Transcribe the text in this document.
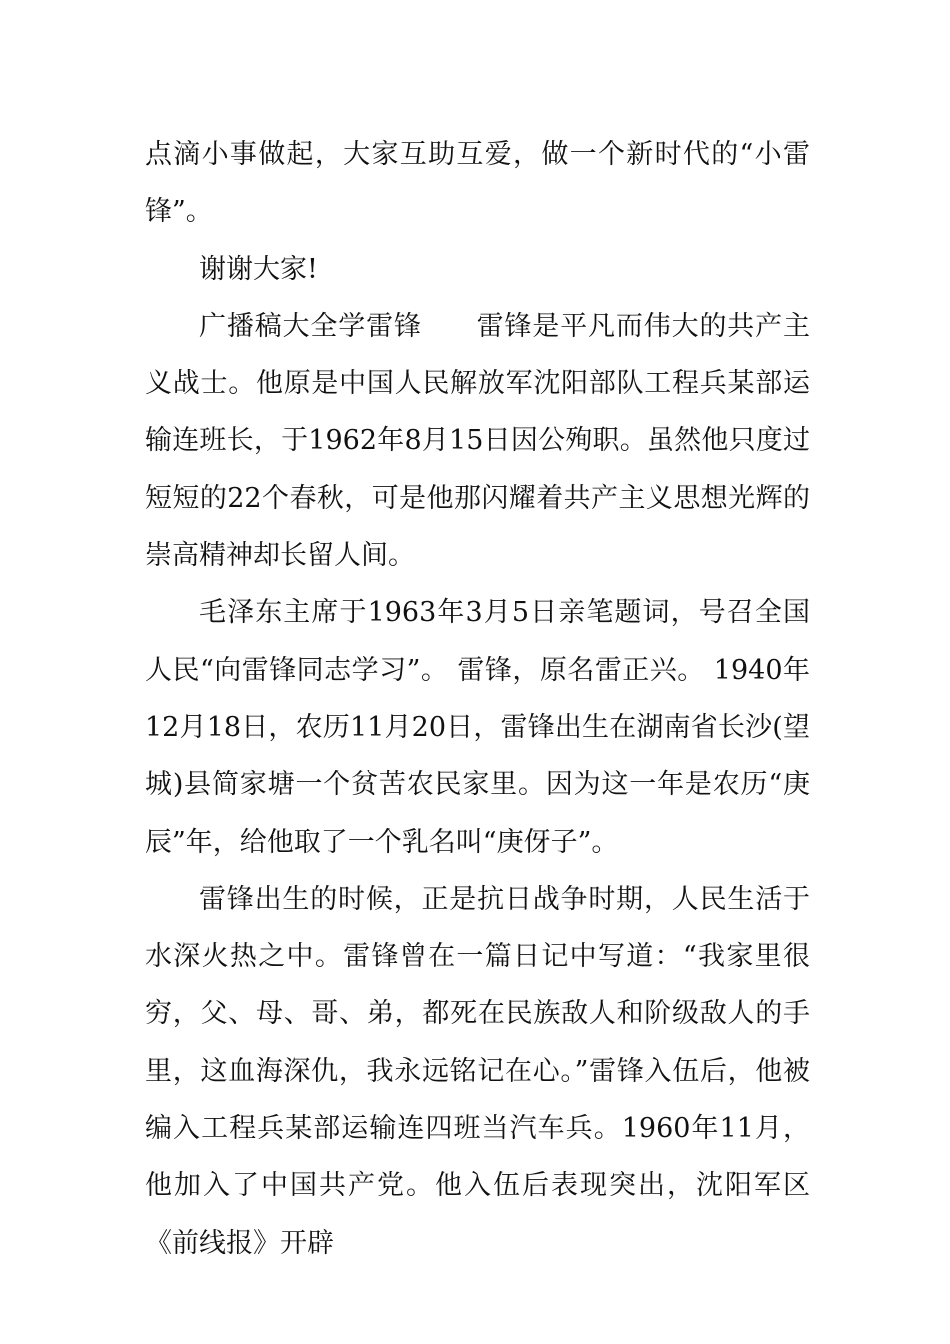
点滴小事做起，大家互助互爱，做一个新时代的“小雷锋”。

谢谢大家!

广播稿大全学雷锋 雷锋是平凡而伟大的共产主义战士。他原是中国人民解放军沈阳部队工程兵某部运输连班长，于1962年8月15日因公殉职。虽然他只度过短短的22个春秋，可是他那闪耀着共产主义思想光辉的崇高精神却长留人间。

毛泽东主席于1963年3月5日亲笔题词，号召全国人民“向雷锋同志学习”。 雷锋，原名雷正兴。 1940年12月18日，农历11月20日，雷锋出生在湖南省长沙(望城)县简家塘一个贫苦农民家里。因为这一年是农历“庚辰”年，给他取了一个乳名叫“庚伢子”。

雷锋出生的时候，正是抗日战争时期，人民生活于水深火热之中。雷锋曾在一篇日记中写道：“我家里很穷，父、母、哥、弟，都死在民族敌人和阶级敌人的手里，这血海深仇，我永远铭记在心。”雷锋入伍后，他被编入工程兵某部运输连四班当汽车兵。1960年11月，他加入了中国共产党。他入伍后表现突出，沈阳军区《前线报》开辟
